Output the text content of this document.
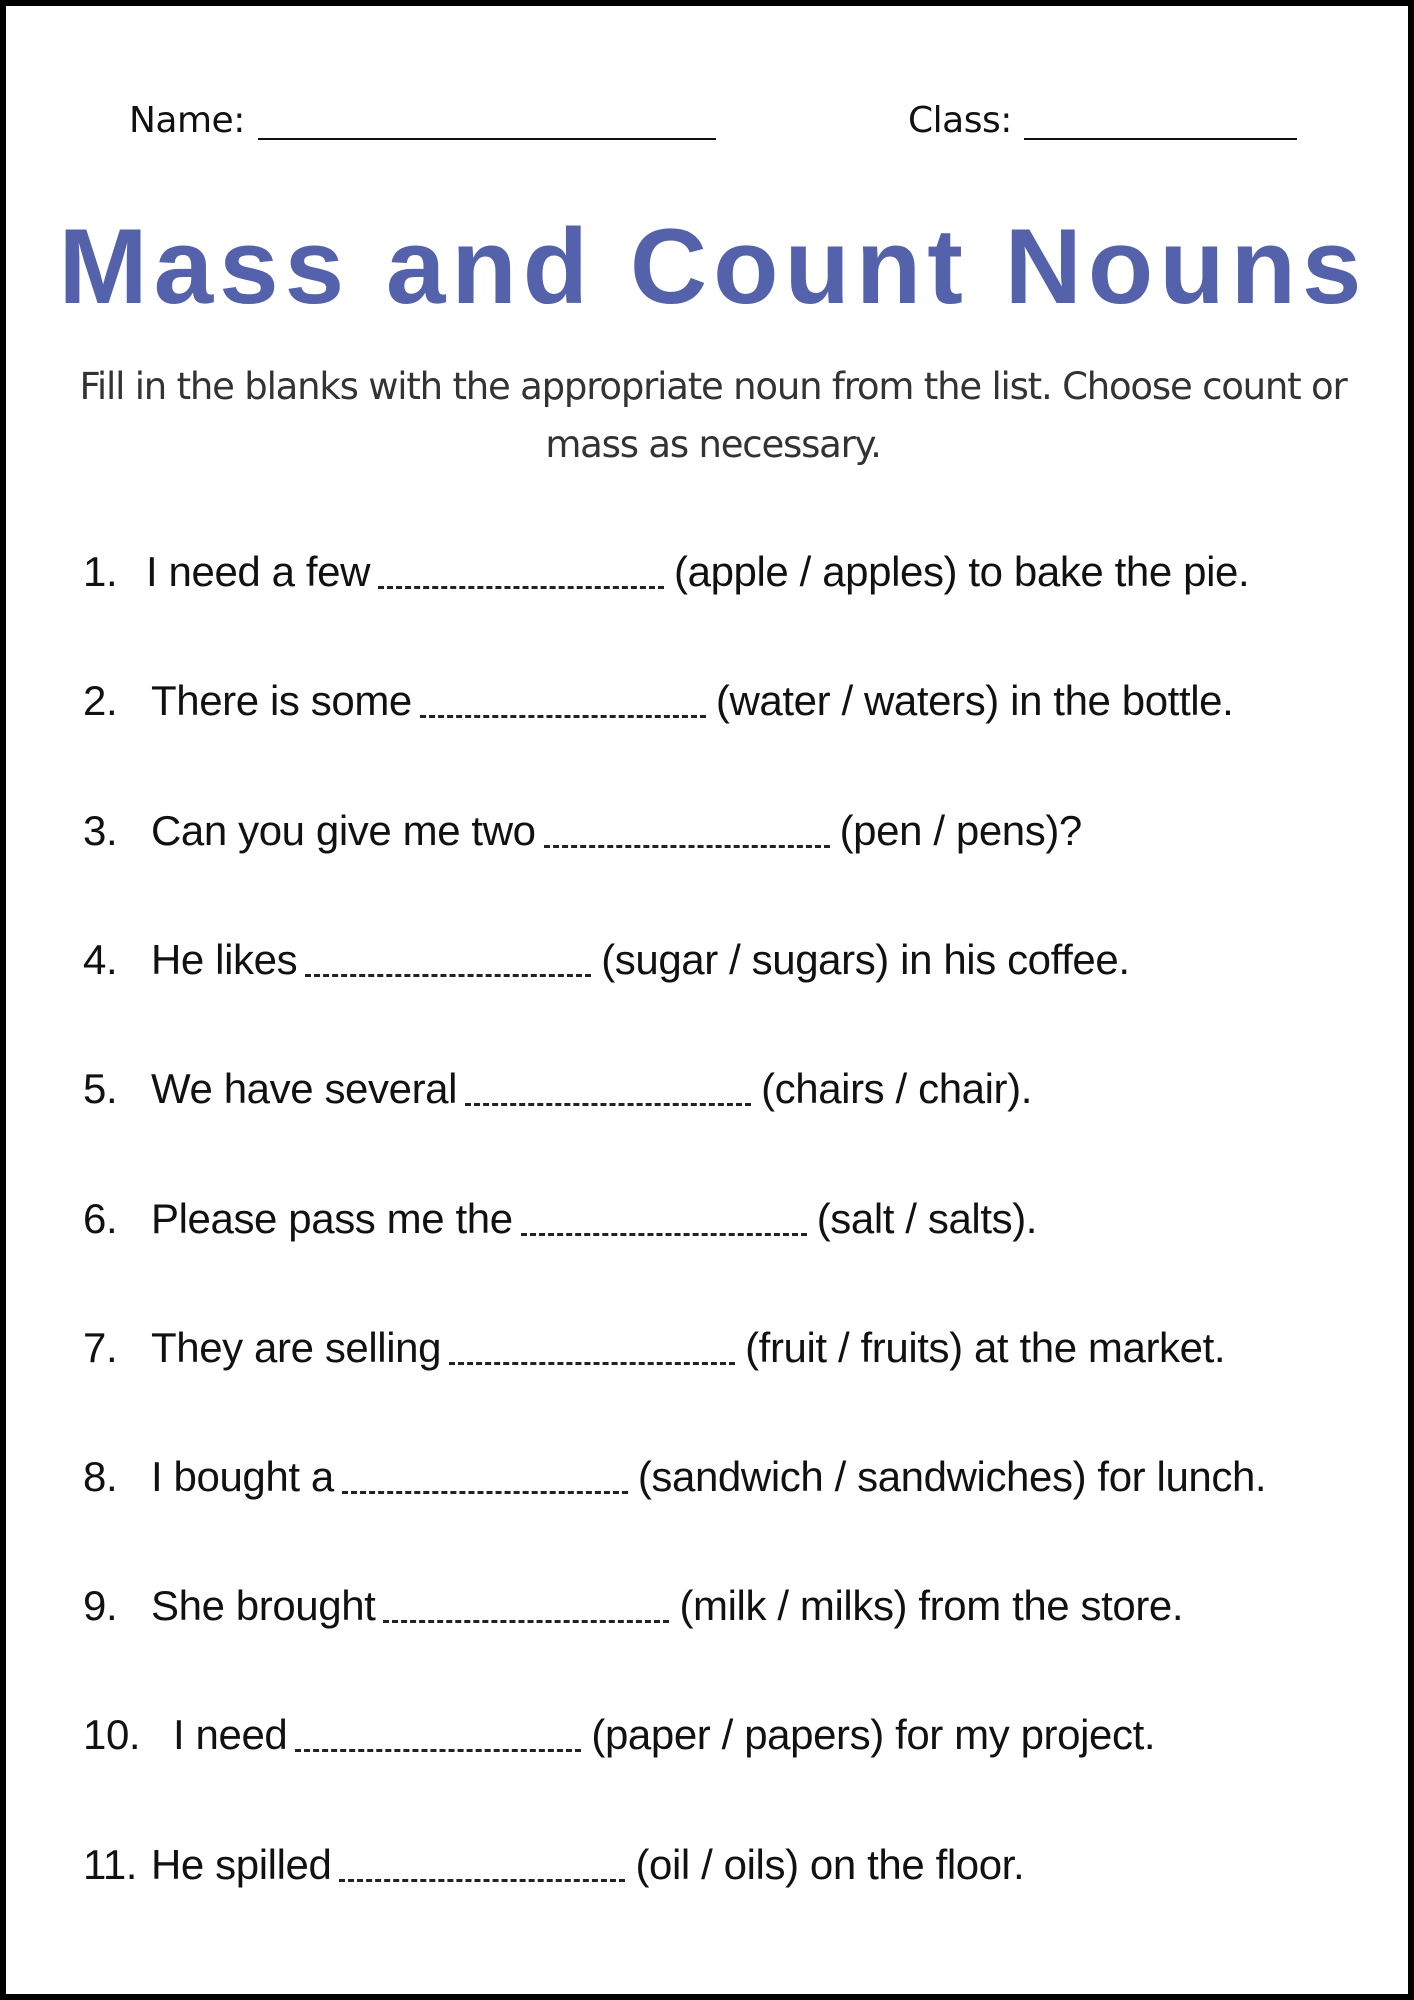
Name:	Class:
Mass and Count Nouns
Fill in the blanks with the appropriate noun from the list. Choose count or mass as necessary.
1. I need a few	(apple / apples) to bake the pie.
2. There is some	(water / waters) in the bottle.
3. Can you give me two	(pen / pens)?
4. He likes	(sugar / sugars) in his coffee.
5. We have several	(chairs / chair).
6. Please pass me the	(salt / salts).
7. They are selling	(fruit / fruits) at the market.
8. I bought a	(sandwich / sandwiches) for lunch.
9. She brought	(milk / milks) from the store.
10. I need	(paper / papers) for my project.
11. He spilled	(oil / oils) on the floor.
